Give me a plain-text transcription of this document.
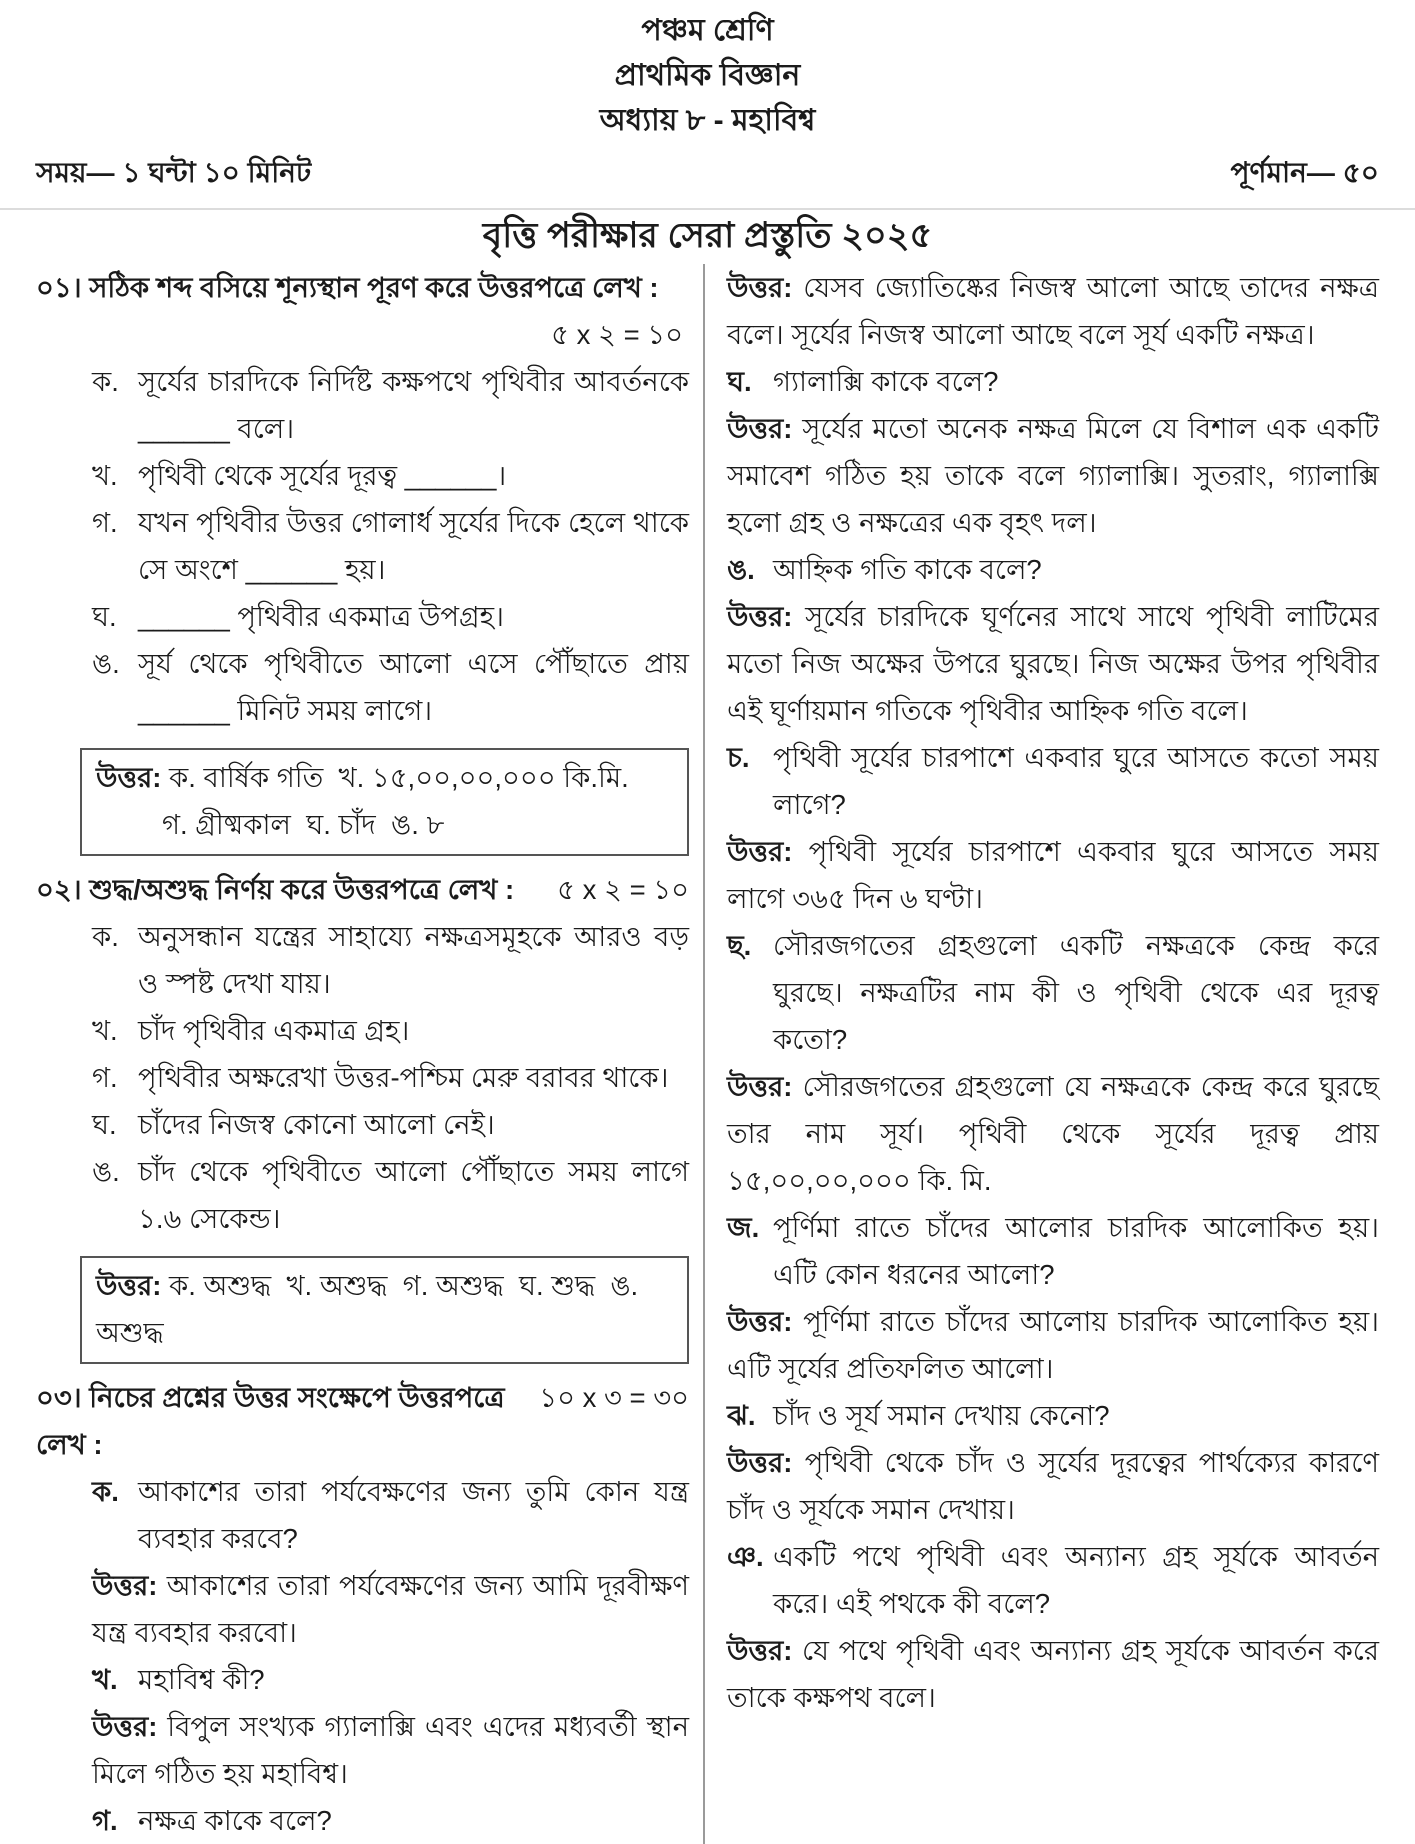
পঞ্চম শ্রেণি
প্রাথমিক বিজ্ঞান
অধ্যায় ৮ - মহাবিশ্ব
সময়— ১ ঘন্টা ১০ মিনিট	পূর্ণমান— ৫০
বৃত্তি পরীক্ষার সেরা প্রস্তুতি ২০২৫
০১। সঠিক শব্দ বসিয়ে শূন্যস্থান পূরণ করে উত্তরপত্রে লেখ :
৫ x ২ = ১০
ক. সূর্যের চারদিকে নির্দিষ্ট কক্ষপথে পৃথিবীর আবর্তনকে ______ বলে।
খ. পৃথিবী থেকে সূর্যের দূরত্ব ______।
গ. যখন পৃথিবীর উত্তর গোলার্ধ সূর্যের দিকে হেলে থাকে সে অংশে ______ হয়।
ঘ. ______ পৃথিবীর একমাত্র উপগ্রহ।
ঙ. সূর্য থেকে পৃথিবীতে আলো এসে পৌঁছাতে প্রায় ______ মিনিট সময় লাগে।
উত্তর: ক. বার্ষিক গতি  খ. ১৫,০০,০০,০০০ কি.মি.
গ. গ্রীষ্মকাল  ঘ. চাঁদ  ঙ. ৮
০২। শুদ্ধ/অশুদ্ধ নির্ণয় করে উত্তরপত্রে লেখ :	৫ x ২ = ১০
ক. অনুসন্ধান যন্ত্রের সাহায্যে নক্ষত্রসমূহকে আরও বড় ও স্পষ্ট দেখা যায়।
খ. চাঁদ পৃথিবীর একমাত্র গ্রহ।
গ. পৃথিবীর অক্ষরেখা উত্তর-পশ্চিম মেরু বরাবর থাকে।
ঘ. চাঁদের নিজস্ব কোনো আলো নেই।
ঙ. চাঁদ থেকে পৃথিবীতে আলো পৌঁছাতে সময় লাগে ১.৬ সেকেন্ড।
উত্তর: ক. অশুদ্ধ  খ. অশুদ্ধ  গ. অশুদ্ধ  ঘ. শুদ্ধ  ঙ. অশুদ্ধ
০৩। নিচের প্রশ্নের উত্তর সংক্ষেপে উত্তরপত্রে লেখ :
১০ x ৩ = ৩০
ক. আকাশের তারা পর্যবেক্ষণের জন্য তুমি কোন যন্ত্র ব্যবহার করবে?
উত্তর: আকাশের তারা পর্যবেক্ষণের জন্য আমি দূরবীক্ষণ যন্ত্র ব্যবহার করবো।
খ. মহাবিশ্ব কী?
উত্তর: বিপুল সংখ্যক গ্যালাক্সি এবং এদের মধ্যবর্তী স্থান মিলে গঠিত হয় মহাবিশ্ব।
গ. নক্ষত্র কাকে বলে?
উত্তর: যেসব জ্যোতিষ্কের নিজস্ব আলো আছে তাদের নক্ষত্র বলে। সূর্যের নিজস্ব আলো আছে বলে সূর্য একটি নক্ষত্র।
ঘ. গ্যালাক্সি কাকে বলে?
উত্তর: সূর্যের মতো অনেক নক্ষত্র মিলে যে বিশাল এক একটি সমাবেশ গঠিত হয় তাকে বলে গ্যালাক্সি। সুতরাং, গ্যালাক্সি হলো গ্রহ ও নক্ষত্রের এক বৃহৎ দল।
ঙ. আহ্নিক গতি কাকে বলে?
উত্তর: সূর্যের চারদিকে ঘূর্ণনের সাথে সাথে পৃথিবী লাটিমের মতো নিজ অক্ষের উপরে ঘুরছে। নিজ অক্ষের উপর পৃথিবীর এই ঘূর্ণায়মান গতিকে পৃথিবীর আহ্নিক গতি বলে।
চ. পৃথিবী সূর্যের চারপাশে একবার ঘুরে আসতে কতো সময় লাগে?
উত্তর: পৃথিবী সূর্যের চারপাশে একবার ঘুরে আসতে সময় লাগে ৩৬৫ দিন ৬ ঘণ্টা।
ছ. সৌরজগতের গ্রহগুলো একটি নক্ষত্রকে কেন্দ্র করে ঘুরছে। নক্ষত্রটির নাম কী ও পৃথিবী থেকে এর দূরত্ব কতো?
উত্তর: সৌরজগতের গ্রহগুলো যে নক্ষত্রকে কেন্দ্র করে ঘুরছে তার নাম সূর্য। পৃথিবী থেকে সূর্যের দূরত্ব প্রায় ১৫,০০,০০,০০০ কি. মি.
জ. পূর্ণিমা রাতে চাঁদের আলোর চারদিক আলোকিত হয়। এটি কোন ধরনের আলো?
উত্তর: পূর্ণিমা রাতে চাঁদের আলোয় চারদিক আলোকিত হয়। এটি সূর্যের প্রতিফলিত আলো।
ঝ. চাঁদ ও সূর্য সমান দেখায় কেনো?
উত্তর: পৃথিবী থেকে চাঁদ ও সূর্যের দূরত্বের পার্থক্যের কারণে চাঁদ ও সূর্যকে সমান দেখায়।
ঞ. একটি পথে পৃথিবী এবং অন্যান্য গ্রহ সূর্যকে আবর্তন করে। এই পথকে কী বলে?
উত্তর: যে পথে পৃথিবী এবং অন্যান্য গ্রহ সূর্যকে আবর্তন করে তাকে কক্ষপথ বলে।
